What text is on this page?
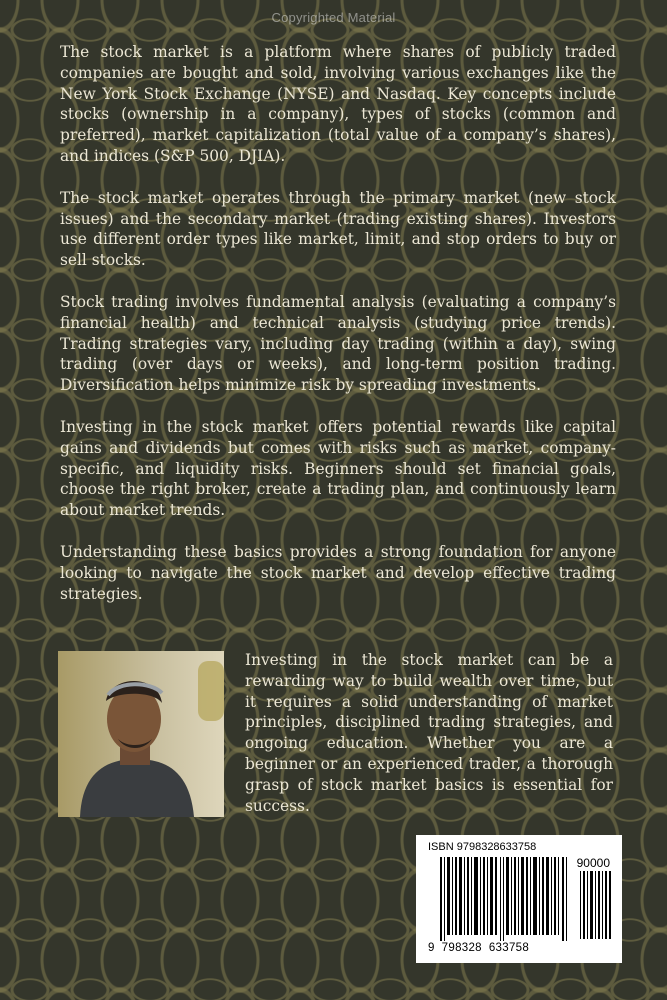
Copyrighted Material

The stock market is a platform where shares of publicly traded companies are bought and sold, involving various exchanges like the New York Stock Exchange (NYSE) and Nasdaq. Key concepts include stocks (ownership in a company), types of stocks (common and preferred), market capitalization (total value of a company’s shares), and indices (S&P 500, DJIA).

The stock market operates through the primary market (new stock issues) and the secondary market (trading existing shares). Investors use different order types like market, limit, and stop orders to buy or sell stocks.

Stock trading involves fundamental analysis (evaluating a company’s financial health) and technical analysis (studying price trends). Trading strategies vary, including day trading (within a day), swing trading (over days or weeks), and long-term position trading. Diversification helps minimize risk by spreading investments.

Investing in the stock market offers potential rewards like capital gains and dividends but comes with risks such as market, company-specific, and liquidity risks. Beginners should set financial goals, choose the right broker, create a trading plan, and continuously learn about market trends.

Understanding these basics provides a strong foundation for anyone looking to navigate the stock market and develop effective trading strategies.

Investing in the stock market can be a rewarding way to build wealth over time, but it requires a solid understanding of market principles, disciplined trading strategies, and ongoing education. Whether you are a beginner or an experienced trader, a thorough grasp of stock market basics is essential for success.

ISBN 9798328633758
90000
9  798328  633758
